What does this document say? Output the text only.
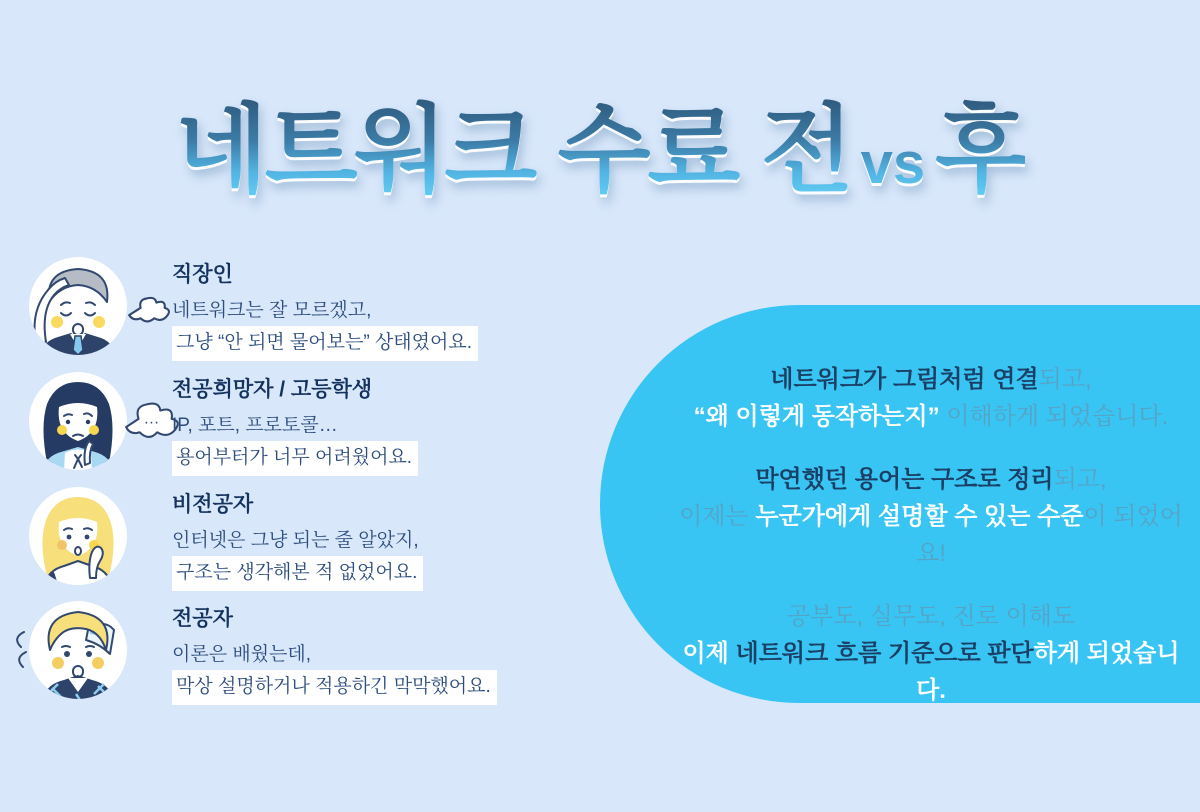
네트워크 수료 전 vs 후
직장인
네트워크는 잘 모르겠고,
그냥 “안 되면 물어보는” 상태였어요.
···
전공희망자 / 고등학생
IP, 포트, 프로토콜…
용어부터가 너무 어려웠어요.
비전공자
인터넷은 그냥 되는 줄 알았지,
구조는 생각해본 적 없었어요.
전공자
이론은 배웠는데,
막상 설명하거나 적용하긴 막막했어요.

네트워크가 그림처럼 연결되고,
“왜 이렇게 동작하는지” 이해하게 되었습니다.

막연했던 용어는 구조로 정리되고,
이제는 누군가에게 설명할 수 있는 수준이 되었어요!

공부도, 실무도, 진로 이해도
이제 네트워크 흐름 기준으로 판단하게 되었습니다.
